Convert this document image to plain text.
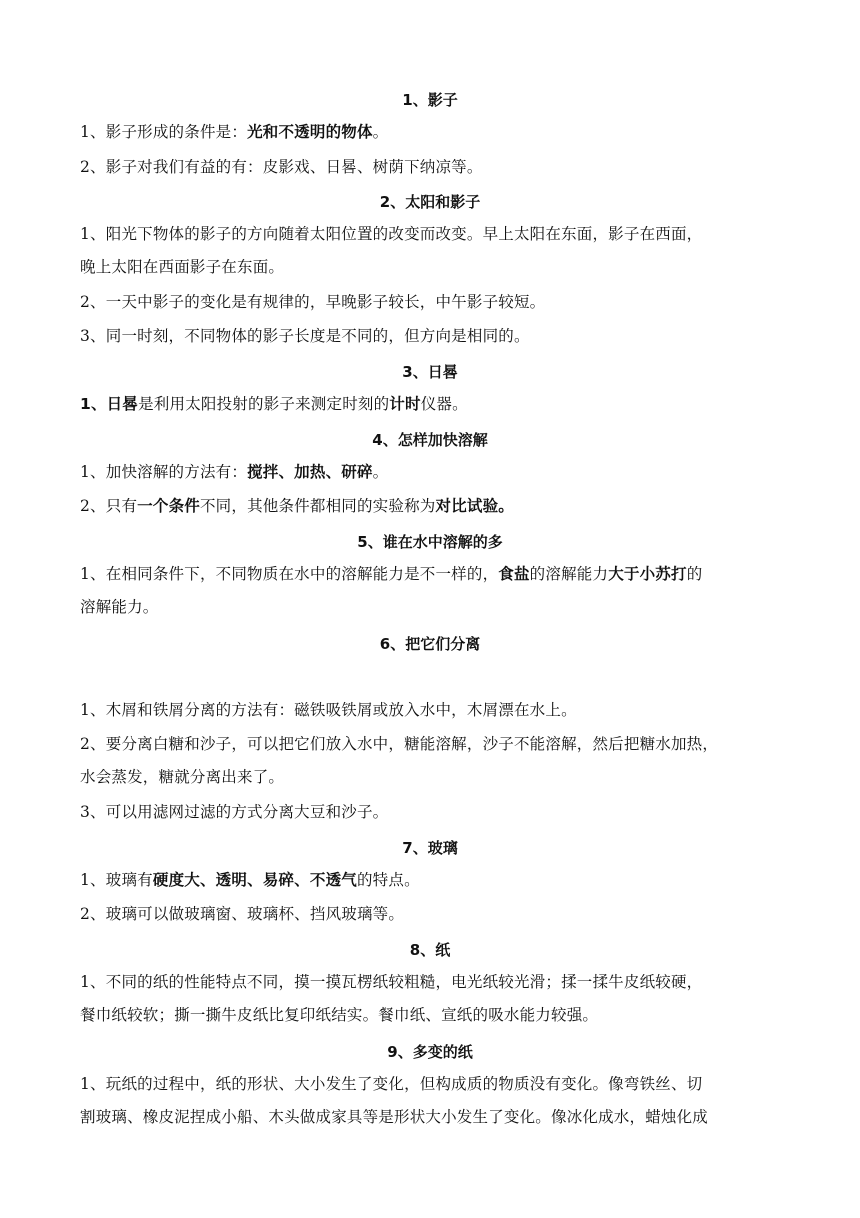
1、影子
1、影子形成的条件是：光和不透明的物体。
2、影子对我们有益的有：皮影戏、日晷、树荫下纳凉等。
2、太阳和影子
1、阳光下物体的影子的方向随着太阳位置的改变而改变。早上太阳在东面，影子在西面，
晚上太阳在西面影子在东面。
2、一天中影子的变化是有规律的，早晚影子较长，中午影子较短。
3、同一时刻，不同物体的影子长度是不同的，但方向是相同的。
3、日晷
1、日晷是利用太阳投射的影子来测定时刻的计时仪器。
4、怎样加快溶解
1、加快溶解的方法有：搅拌、加热、研碎。
2、只有一个条件不同，其他条件都相同的实验称为对比试验。
5、谁在水中溶解的多
1、在相同条件下，不同物质在水中的溶解能力是不一样的，食盐的溶解能力大于小苏打的
溶解能力。
6、把它们分离
1、木屑和铁屑分离的方法有：磁铁吸铁屑或放入水中，木屑漂在水上。
2、要分离白糖和沙子，可以把它们放入水中，糖能溶解，沙子不能溶解，然后把糖水加热，
水会蒸发，糖就分离出来了。
3、可以用滤网过滤的方式分离大豆和沙子。
7、玻璃
1、玻璃有硬度大、透明、易碎、不透气的特点。
2、玻璃可以做玻璃窗、玻璃杯、挡风玻璃等。
8、纸
1、不同的纸的性能特点不同，摸一摸瓦楞纸较粗糙，电光纸较光滑；揉一揉牛皮纸较硬，
餐巾纸较软；撕一撕牛皮纸比复印纸结实。餐巾纸、宣纸的吸水能力较强。
9、多变的纸
1、玩纸的过程中，纸的形状、大小发生了变化，但构成质的物质没有变化。像弯铁丝、切
割玻璃、橡皮泥捏成小船、木头做成家具等是形状大小发生了变化。像冰化成水，蜡烛化成
